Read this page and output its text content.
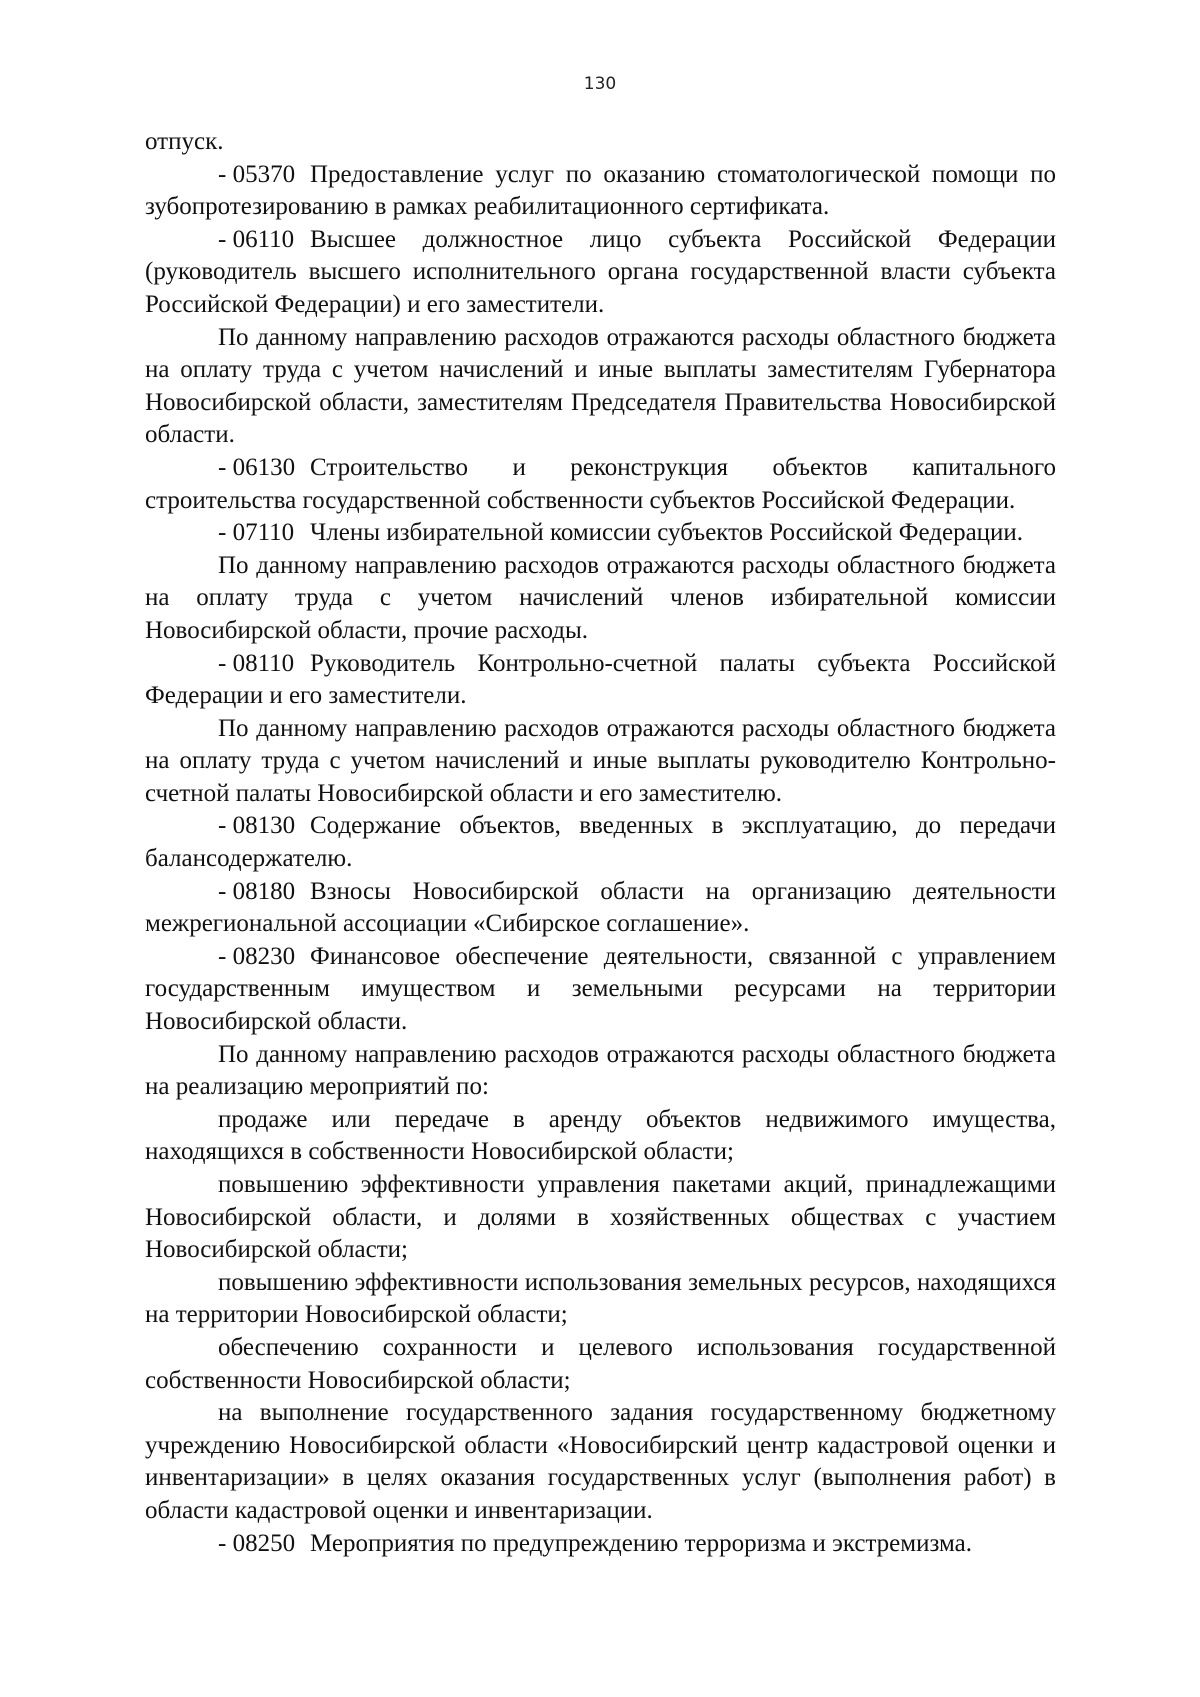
130

отпуск.

- 05370 Предоставление услуг по оказанию стоматологической помощи по зубопротезированию в рамках реабилитационного сертификата.

- 06110 Высшее должностное лицо субъекта Российской Федерации (руководитель высшего исполнительного органа государственной власти субъекта Российской Федерации) и его заместители.

По данному направлению расходов отражаются расходы областного бюджета на оплату труда с учетом начислений и иные выплаты заместителям Губернатора Новосибирской области, заместителям Председателя Правительства Новосибирской области.

- 06130 Строительство и реконструкция объектов капитального строительства государственной собственности субъектов Российской Федерации.

- 07110 Члены избирательной комиссии субъектов Российской Федерации.

По данному направлению расходов отражаются расходы областного бюджета на оплату труда с учетом начислений членов избирательной комиссии Новосибирской области, прочие расходы.

- 08110 Руководитель Контрольно-счетной палаты субъекта Российской Федерации и его заместители.

По данному направлению расходов отражаются расходы областного бюджета на оплату труда с учетом начислений и иные выплаты руководителю Контрольно-счетной палаты Новосибирской области и его заместителю.

- 08130 Содержание объектов, введенных в эксплуатацию, до передачи балансодержателю.

- 08180 Взносы Новосибирской области на организацию деятельности межрегиональной ассоциации «Сибирское соглашение».

- 08230 Финансовое обеспечение деятельности, связанной с управлением государственным имуществом и земельными ресурсами на территории Новосибирской области.

По данному направлению расходов отражаются расходы областного бюджета на реализацию мероприятий по:

продаже или передаче в аренду объектов недвижимого имущества, находящихся в собственности Новосибирской области;

повышению эффективности управления пакетами акций, принадлежащими Новосибирской области, и долями в хозяйственных обществах с участием Новосибирской области;

повышению эффективности использования земельных ресурсов, находящихся на территории Новосибирской области;

обеспечению сохранности и целевого использования государственной собственности Новосибирской области;

на выполнение государственного задания государственному бюджетному учреждению Новосибирской области «Новосибирский центр кадастровой оценки и инвентаризации» в целях оказания государственных услуг (выполнения работ) в области кадастровой оценки и инвентаризации.

- 08250 Мероприятия по предупреждению терроризма и экстремизма.
